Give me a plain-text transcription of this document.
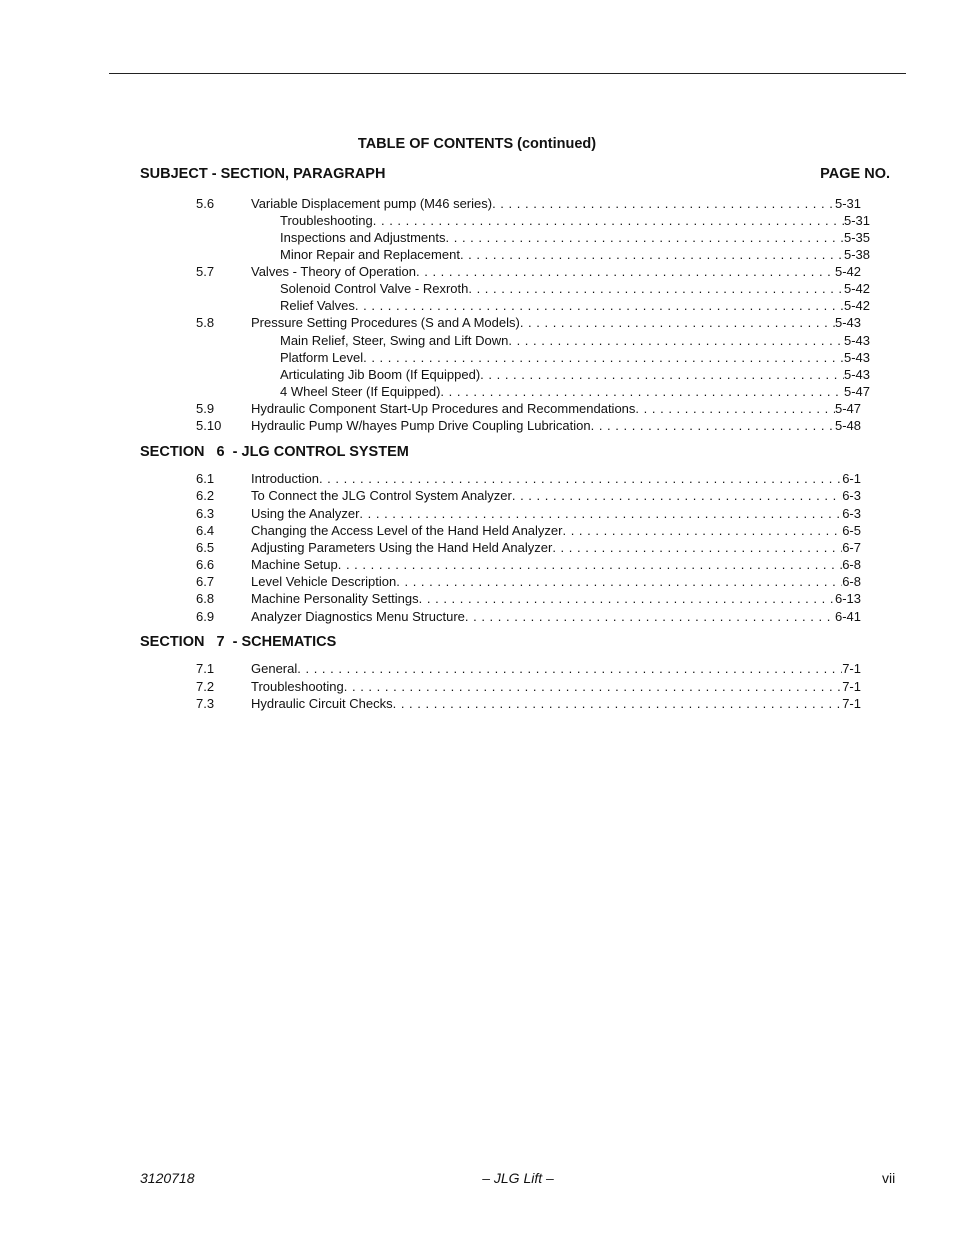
TABLE OF CONTENTS (continued)
SUBJECT - SECTION, PARAGRAPH	PAGE NO.
5.6	Variable Displacement pump (M46 series) . . .	5-31
Troubleshooting . . .	5-31
Inspections and Adjustments . . .	5-35
Minor Repair and Replacement . . .	5-38
5.7	Valves - Theory of Operation . . .	5-42
Solenoid Control Valve - Rexroth . . .	5-42
Relief Valves . . .	5-42
5.8	Pressure Setting Procedures (S and A Models) . . .	5-43
Main Relief, Steer, Swing and Lift Down . . .	5-43
Platform Level . . .	5-43
Articulating Jib Boom (If Equipped) . . .	5-43
4 Wheel Steer (If Equipped) . . .	5-47
5.9	Hydraulic Component Start-Up Procedures and Recommendations . . .	5-47
5.10 Hydraulic Pump W/hayes Pump Drive Coupling Lubrication . . .	5-48
SECTION   6  - JLG CONTROL SYSTEM
6.1	Introduction . . .	6-1
6.2	To Connect the JLG Control System Analyzer . . .	6-3
6.3	Using the Analyzer . . .	6-3
6.4	Changing the Access Level of the Hand Held Analyzer . . .	6-5
6.5	Adjusting Parameters Using the Hand Held Analyzer . . .	6-7
6.6	Machine Setup . . .	6-8
6.7	Level Vehicle Description . . .	6-8
6.8	Machine Personality Settings . . .	6-13
6.9	Analyzer Diagnostics Menu Structure . . .	6-41
SECTION   7  - SCHEMATICS
7.1	General . . .	7-1
7.2	Troubleshooting . . .	7-1
7.3	Hydraulic Circuit Checks . . .	7-1
3120718	– JLG Lift –	vii
